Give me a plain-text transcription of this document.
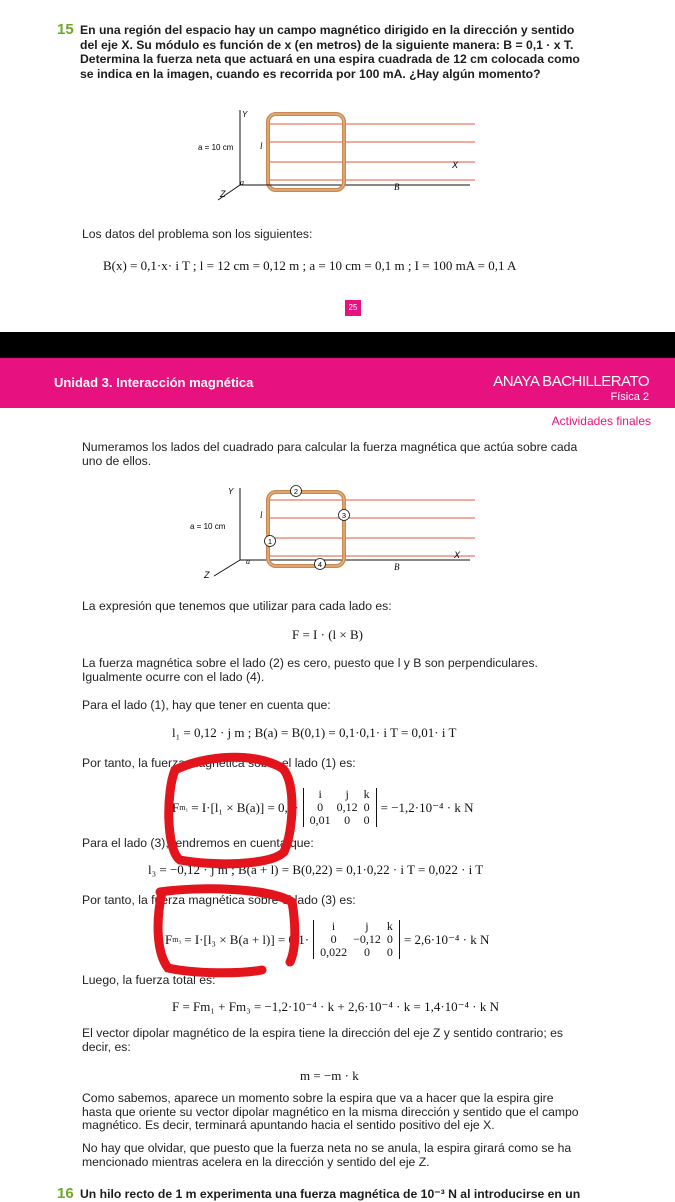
15 En una región del espacio hay un campo magnético dirigido en la dirección y sentido
del eje X. Su módulo es función de x (en metros) de la siguiente manera: B = 0,1 · x T.
Determina la fuerza neta que actuará en una espira cuadrada de 12 cm colocada como
se indica en la imagen, cuando es recorrida por 100 mA. ¿Hay algún momento?
a = 10 cm
Y
X
Z
l
B
a
Los datos del problema son los siguientes:
B(x) = 0,1·x· i T ; l = 12 cm = 0,12 m ; a = 10 cm = 0,1 m ; I = 100 mA = 0,1 A
25
Unidad 3. Interacción magnética	ANAYA BACHILLERATO
Física 2
Actividades finales
Numeramos los lados del cuadrado para calcular la fuerza magnética que actúa sobre cada uno de ellos.
1
2
3
4
a = 10 cm
Y
X
Z
l
B
a
La expresión que tenemos que utilizar para cada lado es:
F = I · (l × B)
La fuerza magnética sobre el lado (2) es cero, puesto que l y B son perpendiculares. Igualmente ocurre con el lado (4).
Para el lado (1), hay que tener en cuenta que:
l₁ = 0,12 · j m ; B(a) = B(0,1) = 0,1·0,1· i T = 0,01· i T
Por tanto, la fuerza magnética sobre el lado (1) es:
F m₁ = I·[l₁ × B(a)] = 0,1·
i	j	k
0	0,12	0
0,01	0	0
= −1,2·10⁻⁴ · k N
Para el lado (3), tendremos en cuenta que:
l₃ = −0,12 · j m ; B(a + l) = B(0,22) = 0,1·0,22 · i T = 0,022 · i T
Por tanto, la fuerza magnética sobre el lado (3) es:
F m₃ = I·[l₃ × B(a + l)] = 0,1·
i	j	k
0	−0,12	0
0,022	0	0
= 2,6·10⁻⁴ · k N
Luego, la fuerza total es:
F = Fm₁ + Fm₃ = −1,2·10⁻⁴ · k + 2,6·10⁻⁴ · k = 1,4·10⁻⁴ · k N
El vector dipolar magnético de la espira tiene la dirección del eje Z y sentido contrario; es decir, es:
m = −m · k
Como sabemos, aparece un momento sobre la espira que va a hacer que la espira gire hasta que oriente su vector dipolar magnético en la misma dirección y sentido que el campo magnético. Es decir, terminará apuntando hacia el sentido positivo del eje X.
No hay que olvidar, que puesto que la fuerza neta no se anula, la espira girará como se ha mencionado mientras acelera en la dirección y sentido del eje Z.
16 Un hilo recto de 1 m experimenta una fuerza magnética de 10⁻³ N al introducirse en un
